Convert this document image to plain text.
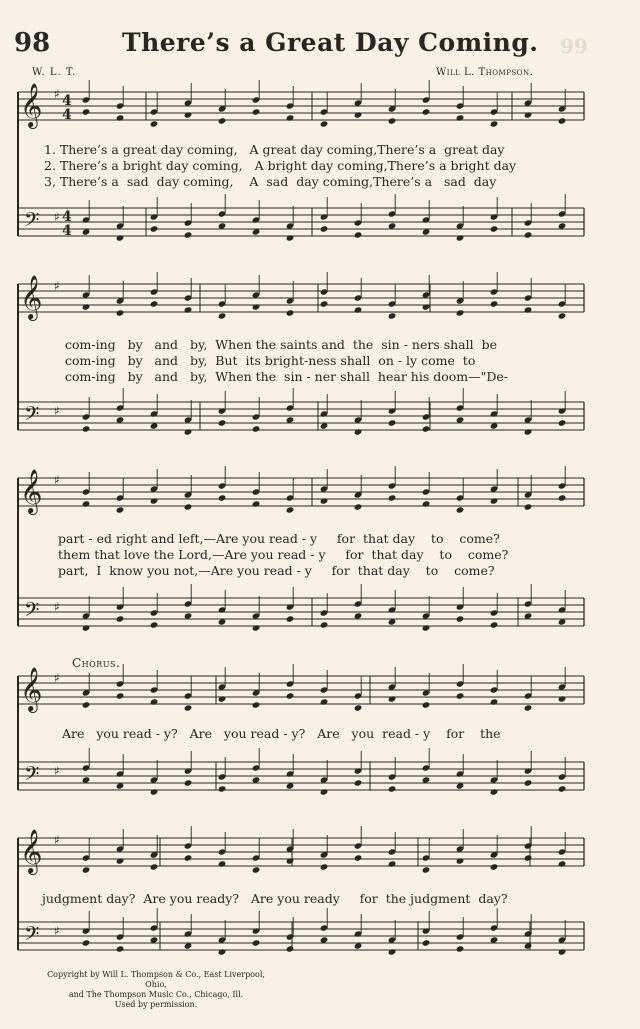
98	There’s a Great Day Coming. 99
W. L. T.	Will L. Thompson.
𝄞
𝄢
♯
♯
4
4
4
4
𝄞
𝄢
♯
♯
𝄞
𝄢
♯
♯
𝄞
𝄢
♯
♯
𝄞
𝄢
♯
♯
1. There’s a great day coming,   A great day coming,There’s a  great day
2. There’s a bright day coming,   A bright day coming,There’s a bright day
3, There’s a  sad  day coming,    A  sad  day coming,There’s a   sad  day
com-ing   by   and   by,  When the saints and  the  sin - ners shall  be
com-ing   by   and   by,  But  its bright-ness shall  on - ly come  to
com-ing   by   and   by,  When the  sin - ner shall  hear his doom—"De-
part - ed right and left,—Are you read - y     for  that day    to    come?
them that love the Lord,—Are you read - y     for  that day    to    come?
part,  I  know you not,—Are you read - y     for  that day    to    come?
Chorus.
Are   you read - y?   Are   you read - y?   Are   you  read - y    for    the
judgment day?  Are you ready?   Are you ready     for  the judgment  day?
Copyright by Will L. Thompson & Co., East Liverpool, Ohio,
and The Thompson Music Co., Chicago, Ill.
Used by permission.
